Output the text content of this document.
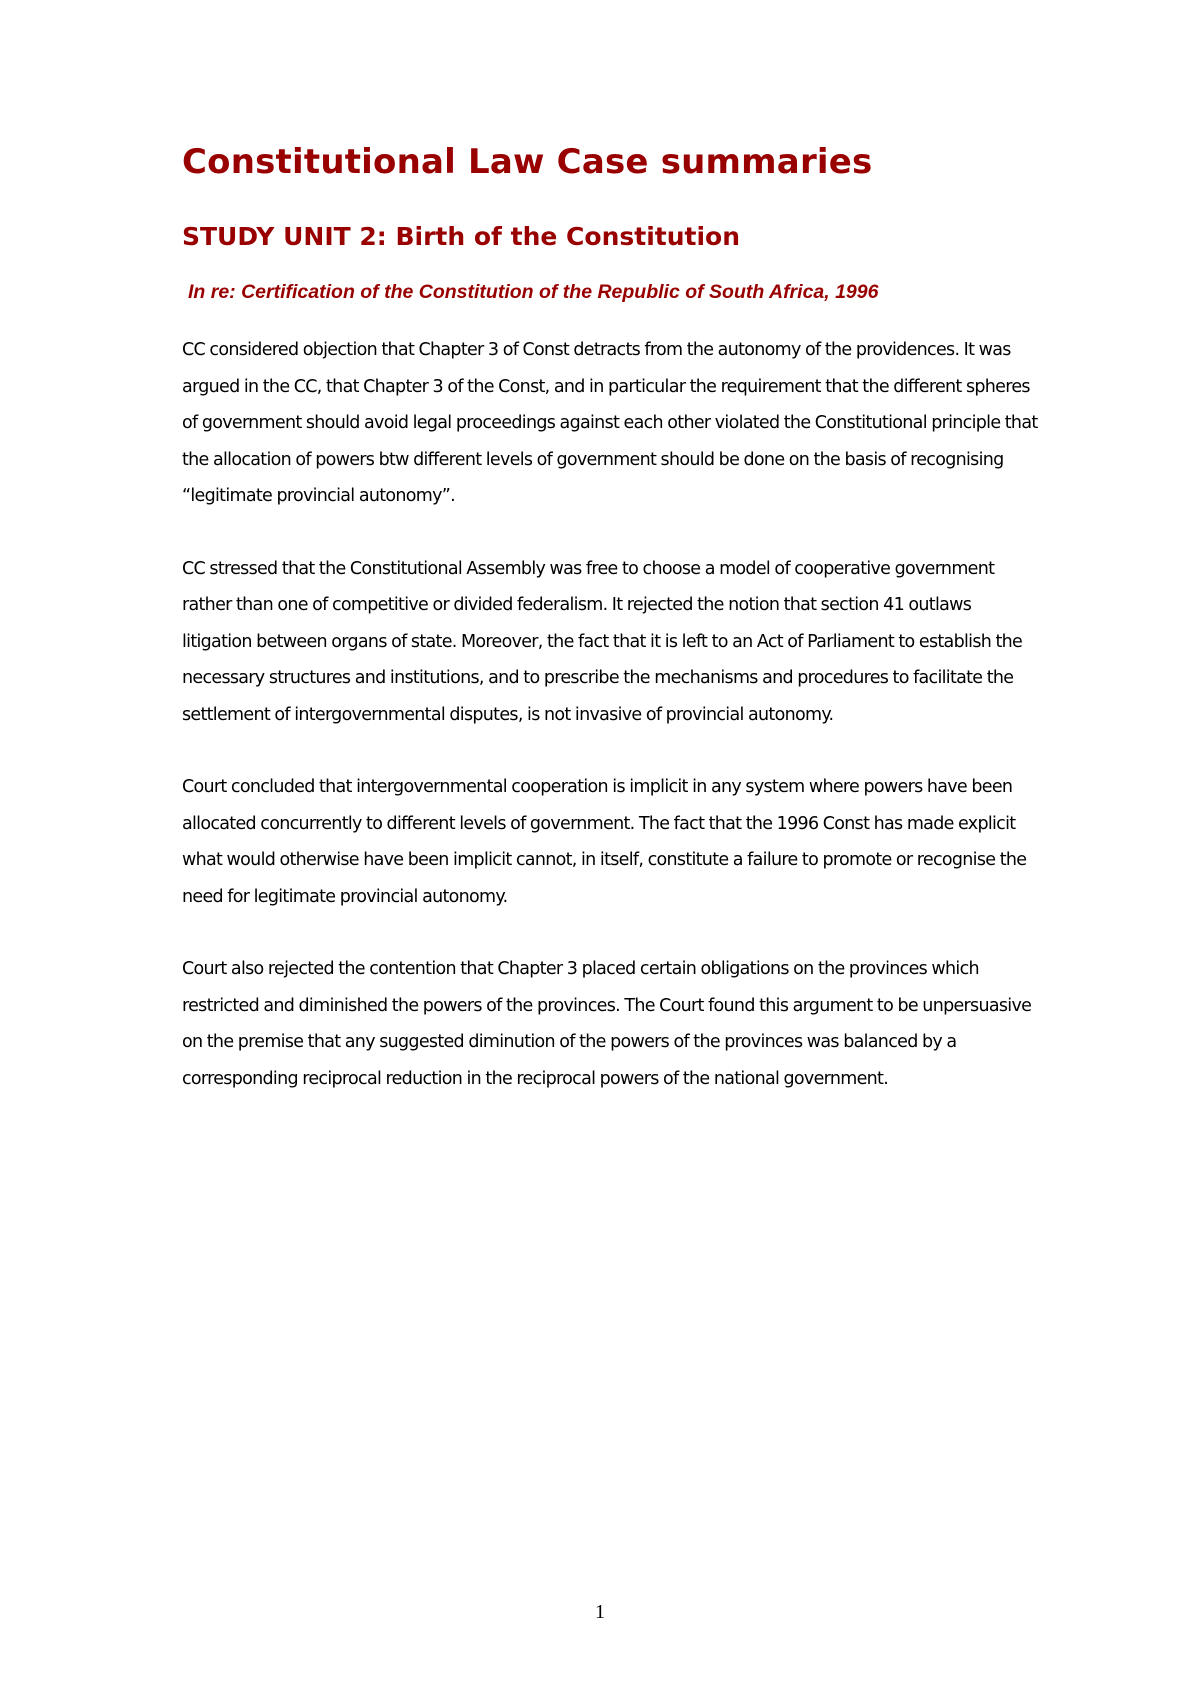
Constitutional Law Case summaries
STUDY UNIT 2: Birth of the Constitution
In re: Certification of the Constitution of the Republic of South Africa, 1996

CC considered objection that Chapter 3 of Const detracts from the autonomy of the providences. It was argued in the CC, that Chapter 3 of the Const, and in particular the requirement that the different spheres of government should avoid legal proceedings against each other violated the Constitutional principle that the allocation of powers btw different levels of government should be done on the basis of recognising “legitimate provincial autonomy”.

CC stressed that the Constitutional Assembly was free to choose a model of cooperative government rather than one of competitive or divided federalism. It rejected the notion that section 41 outlaws litigation between organs of state. Moreover, the fact that it is left to an Act of Parliament to establish the necessary structures and institutions, and to prescribe the mechanisms and procedures to facilitate the settlement of intergovernmental disputes, is not invasive of provincial autonomy.

Court concluded that intergovernmental cooperation is implicit in any system where powers have been allocated concurrently to different levels of government. The fact that the 1996 Const has made explicit what would otherwise have been implicit cannot, in itself, constitute a failure to promote or recognise the need for legitimate provincial autonomy.

Court also rejected the contention that Chapter 3 placed certain obligations on the provinces which restricted and diminished the powers of the provinces. The Court found this argument to be unpersuasive on the premise that any suggested diminution of the powers of the provinces was balanced by a corresponding reciprocal reduction in the reciprocal powers of the national government.

1
